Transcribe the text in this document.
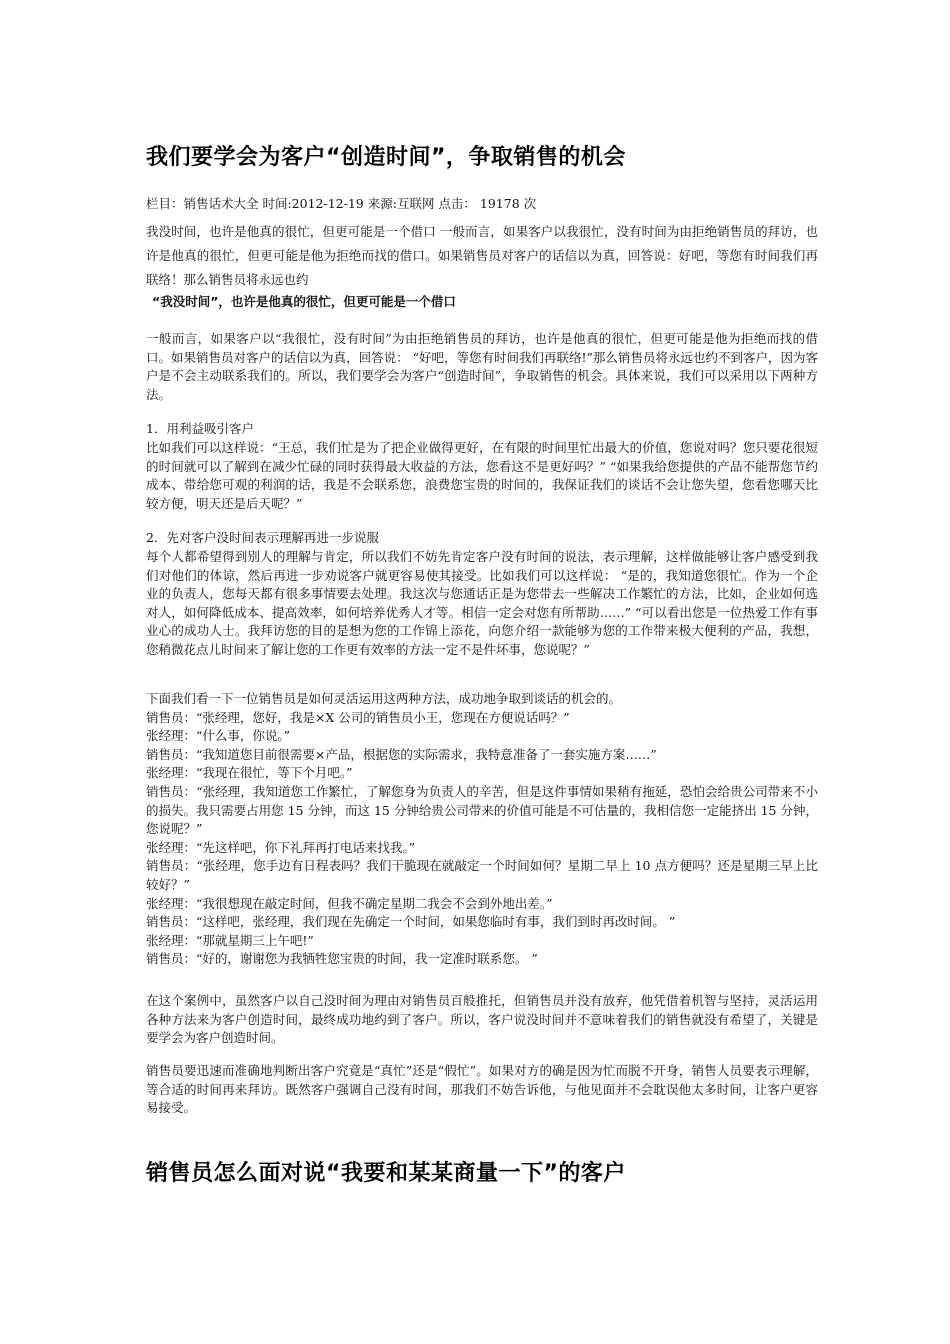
我们要学会为客户“创造时间”，争取销售的机会
栏目：销售话术大全 时间:2012-12-19 来源:互联网 点击： 19178 次

我没时间，也许是他真的很忙，但更可能是一个借口 一般而言，如果客户以我很忙，没有时间为由拒绝销售员的拜访，也许是他真的很忙，但更可能是他为拒绝而找的借口。如果销售员对客户的话信以为真，回答说：好吧，等您有时间我们再联络！那么销售员将永远也约

“我没时间”，也许是他真的很忙，但更可能是一个借口

一般而言，如果客户以“我很忙，没有时间”为由拒绝销售员的拜访，也许是他真的很忙，但更可能是他为拒绝而找的借口。如果销售员对客户的话信以为真，回答说： “好吧，等您有时间我们再联络!”那么销售员将永远也约不到客户，因为客户是不会主动联系我们的。所以，我们要学会为客户“创造时间”，争取销售的机会。具体来说，我们可以采用以下两种方法。

1．用利益吸引客户

比如我们可以这样说：“王总，我们忙是为了把企业做得更好，在有限的时间里忙出最大的价值，您说对吗？您只要花很短的时间就可以了解到在减少忙碌的同时获得最大收益的方法，您看这不是更好吗？” “如果我给您提供的产品不能帮您节约成本、带给您可观的利润的话，我是不会联系您，浪费您宝贵的时间的，我保证我们的谈话不会让您失望，您看您哪天比较方便，明天还是后天呢？”

2．先对客户没时间表示理解再进一步说服

每个人都希望得到别人的理解与肯定，所以我们不妨先肯定客户没有时间的说法，表示理解，这样做能够让客户感受到我们对他们的体谅，然后再进一步劝说客户就更容易使其接受。比如我们可以这样说： “是的，我知道您很忙。作为一个企业的负责人，您每天都有很多事情要去处理。我这次与您通话正是为您带去一些解决工作繁忙的方法，比如，企业如何选对人，如何降低成本、提高效率，如何培养优秀人才等。相信一定会对您有所帮助……” “可以看出您是一位热爱工作有事业心的成功人士。我拜访您的目的是想为您的工作锦上添花，向您介绍一款能够为您的工作带来极大便利的产品，我想，您稍微花点儿时间来了解让您的工作更有效率的方法一定不是件坏事，您说呢？”

下面我们看一下一位销售员是如何灵活运用这两种方法，成功地争取到谈话的机会的。
销售员：“张经理，您好，我是×X 公司的销售员小王，您现在方便说话吗？”
张经理：“什么事，你说。”
销售员：“我知道您目前很需要×产品，根据您的实际需求，我特意准备了一套实施方案……”
张经理：“我现在很忙，等下个月吧。”
销售员：“张经理，我知道您工作繁忙，了解您身为负责人的辛苦，但是这件事情如果稍有拖延，恐怕会给贵公司带来不小的损失。我只需要占用您 15 分钟，而这 15 分钟给贵公司带来的价值可能是不可估量的，我相信您一定能挤出 15 分钟，您说呢？”
张经理：“先这样吧，你下礼拜再打电话来找我。”
销售员：“张经理，您手边有日程表吗？我们干脆现在就敲定一个时间如何？星期二早上 10 点方便吗？还是星期三早上比较好？”
张经理：“我很想现在敲定时间，但我不确定星期二我会不会到外地出差。”
销售员：“这样吧，张经理，我们现在先确定一个时间，如果您临时有事，我们到时再改时间。 ”
张经理：“那就星期三上午吧!”
销售员：“好的，谢谢您为我牺牲您宝贵的时间，我一定准时联系您。 ”

在这个案例中，虽然客户以自己没时间为理由对销售员百般推托，但销售员并没有放弃，他凭借着机智与坚持，灵活运用各种方法来为客户创造时间，最终成功地约到了客户。所以，客户说没时间并不意味着我们的销售就没有希望了，关键是要学会为客户创造时间。

销售员要迅速而准确地判断出客户究竟是“真忙”还是“假忙”。如果对方的确是因为忙而脱不开身，销售人员要表示理解，等合适的时间再来拜访。既然客户强调自己没有时间，那我们不妨告诉他，与他见面并不会耽误他太多时间，让客户更容易接受。

销售员怎么面对说“我要和某某商量一下”的客户
